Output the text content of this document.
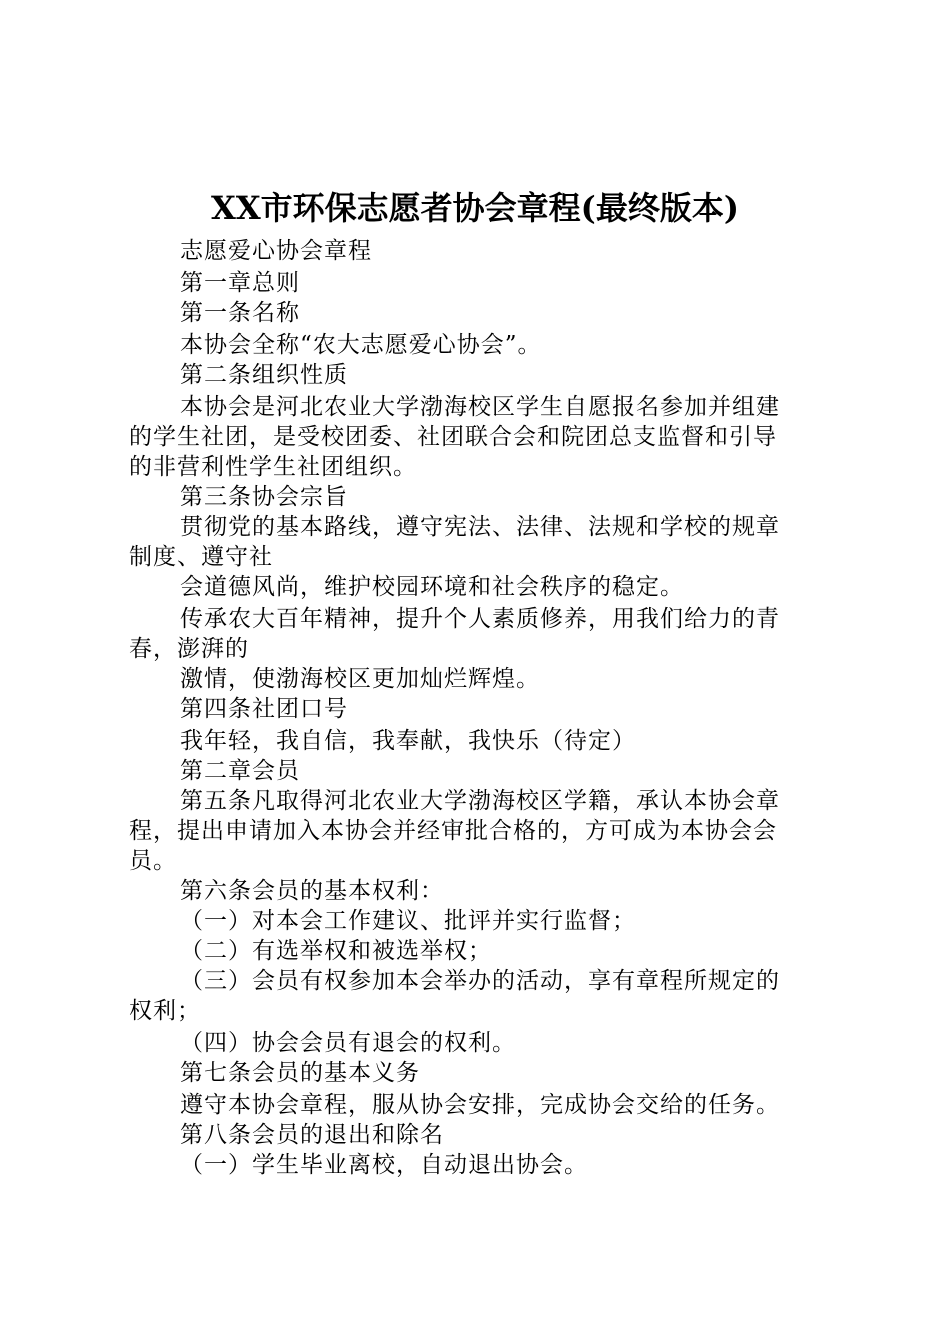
XX市环保志愿者协会章程(最终版本)
志愿爱心协会章程
第一章总则
第一条名称
本协会全称“农大志愿爱心协会”。
第二条组织性质
本协会是河北农业大学渤海校区学生自愿报名参加并组建
的学生社团，是受校团委、社团联合会和院团总支监督和引导
的非营利性学生社团组织。
第三条协会宗旨
贯彻党的基本路线，遵守宪法、法律、法规和学校的规章
制度、遵守社
会道德风尚，维护校园环境和社会秩序的稳定。
传承农大百年精神，提升个人素质修养，用我们给力的青
春，澎湃的
激情，使渤海校区更加灿烂辉煌。
第四条社团口号
我年轻，我自信，我奉献，我快乐（待定）
第二章会员
第五条凡取得河北农业大学渤海校区学籍，承认本协会章
程，提出申请加入本协会并经审批合格的，方可成为本协会会
员。
第六条会员的基本权利：
（一）对本会工作建议、批评并实行监督；
（二）有选举权和被选举权；
（三）会员有权参加本会举办的活动，享有章程所规定的
权利；
（四）协会会员有退会的权利。
第七条会员的基本义务
遵守本协会章程，服从协会安排，完成协会交给的任务。
第八条会员的退出和除名
（一）学生毕业离校，自动退出协会。
